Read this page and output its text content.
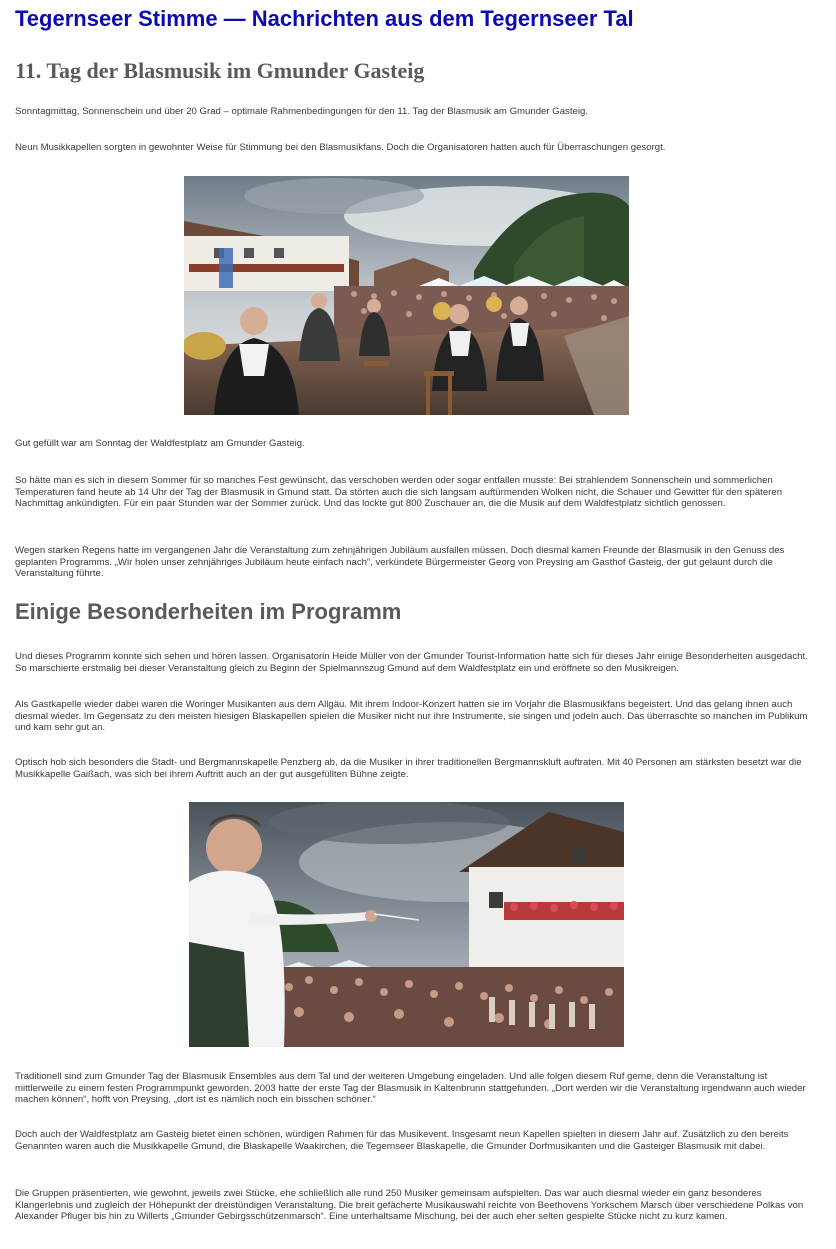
Tegernseer Stimme — Nachrichten aus dem Tegernseer Tal
11. Tag der Blasmusik im Gmunder Gasteig

Sonntagmittag, Sonnenschein und über 20 Grad – optimale Rahmenbedingungen für den 11. Tag der Blasmusik am Gmunder Gasteig.

Neun Musikkapellen sorgten in gewohnter Weise für Stimmung bei den Blasmusikfans. Doch die Organisatoren hatten auch für Überraschungen gesorgt.

Gut gefüllt war am Sonntag der Waldfestplatz am Gmunder Gasteig.

So hätte man es sich in diesem Sommer für so manches Fest gewünscht, das verschoben werden oder sogar entfallen musste: Bei strahlendem Sonnenschein und sommerlichen Temperaturen fand heute ab 14 Uhr der Tag der Blasmusik in Gmund statt. Da störten auch die sich langsam auftürmenden Wolken nicht, die Schauer und Gewitter für den späteren Nachmittag ankündigten. Für ein paar Stunden war der Sommer zurück. Und das lockte gut 800 Zuschauer an, die die Musik auf dem Waldfestplatz sichtlich genossen.

Wegen starken Regens hatte im vergangenen Jahr die Veranstaltung zum zehnjährigen Jubiläum ausfallen müssen. Doch diesmal kamen Freunde der Blasmusik in den Genuss des geplanten Programms. „Wir holen unser zehnjähriges Jubiläum heute einfach nach“, verkündete Bürgermeister Georg von Preysing am Gasthof Gasteig, der gut gelaunt durch die Veranstaltung führte.

Einige Besonderheiten im Programm

Und dieses Programm konnte sich sehen und hören lassen. Organisatorin Heide Müller von der Gmunder Tourist-Information hatte sich für dieses Jahr einige Besonderheiten ausgedacht. So marschierte erstmalig bei dieser Veranstaltung gleich zu Beginn der Spielmannszug Gmund auf dem Waldfestplatz ein und eröffnete so den Musikreigen.

Als Gastkapelle wieder dabei waren die Woringer Musikanten aus dem Allgäu. Mit ihrem Indoor-Konzert hatten sie im Vorjahr die Blasmusikfans begeistert. Und das gelang ihnen auch diesmal wieder. Im Gegensatz zu den meisten hiesigen Blaskapellen spielen die Musiker nicht nur ihre Instrumente, sie singen und jodeln auch. Das überraschte so manchen im Publikum und kam sehr gut an.

Optisch hob sich besonders die Stadt- und Bergmannskapelle Penzberg ab, da die Musiker in ihrer traditionellen Bergmannskluft auftraten. Mit 40 Personen am stärksten besetzt war die Musikkapelle Gaißach, was sich bei ihrem Auftritt auch an der gut ausgefüllten Bühne zeigte.

Traditionell sind zum Gmunder Tag der Blasmusik Ensembles aus dem Tal und der weiteren Umgebung eingeladen. Und alle folgen diesem Ruf gerne, denn die Veranstaltung ist mittlerweile zu einem festen Programmpunkt geworden. 2003 hatte der erste Tag der Blasmusik in Kaltenbrunn stattgefunden. „Dort werden wir die Veranstaltung irgendwann auch wieder machen können“, hofft von Preysing, „dort ist es nämlich noch ein bisschen schöner.“

Doch auch der Waldfestplatz am Gasteig bietet einen schönen, würdigen Rahmen für das Musikevent. Insgesamt neun Kapellen spielten in diesem Jahr auf. Zusätzlich zu den bereits Genannten waren auch die Musikkapelle Gmund, die Blaskapelle Waakirchen, die Tegernseer Blaskapelle, die Gmunder Dorfmusikanten und die Gasteiger Blasmusik mit dabei.

Die Gruppen präsentierten, wie gewohnt, jeweils zwei Stücke, ehe schließlich alle rund 250 Musiker gemeinsam aufspielten. Das war auch diesmal wieder ein ganz besonderes Klangerlebnis und zugleich der Höhepunkt der dreistündigen Veranstaltung. Die breit gefächerte Musikauswahl reichte von Beethovens Yorkschem Marsch über verschiedene Polkas von Alexander Pfluger bis hin zu Willerts „Gmunder Gebirgsschützenmarsch“. Eine unterhaltsame Mischung, bei der auch eher selten gespielte Stücke nicht zu kurz kamen.
